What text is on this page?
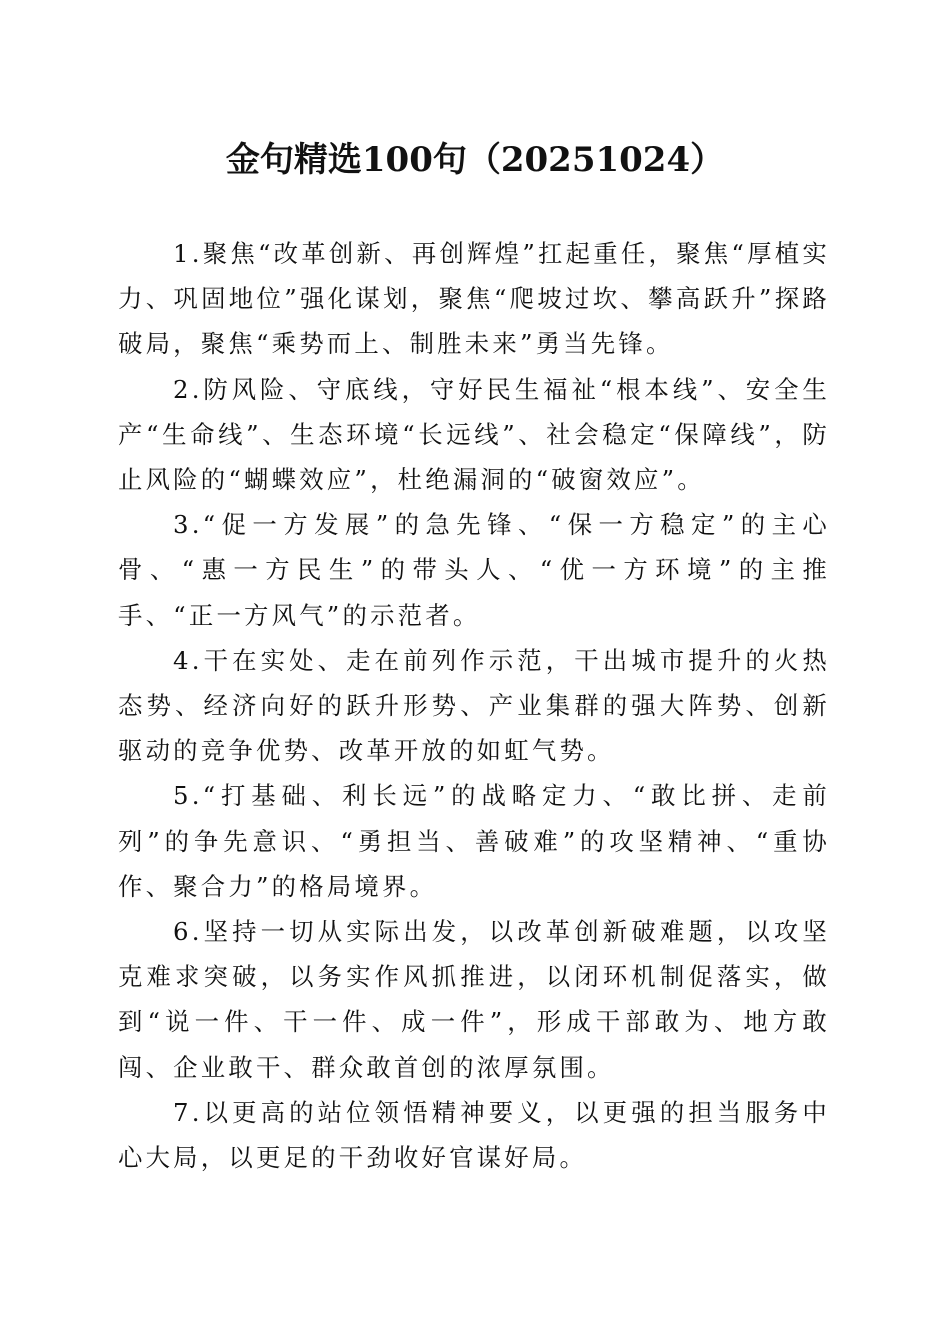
金句精选100句（20251024）

1.聚焦“改革创新、再创辉煌”扛起重任，聚焦“厚植实力、巩固地位”强化谋划，聚焦“爬坡过坎、攀高跃升”探路破局，聚焦“乘势而上、制胜未来”勇当先锋。

2.防风险、守底线，守好民生福祉“根本线”、安全生产“生命线”、生态环境“长远线”、社会稳定“保障线”，防止风险的“蝴蝶效应”，杜绝漏洞的“破窗效应”。

3.“促一方发展”的急先锋、“保一方稳定”的主心骨、“惠一方民生”的带头人、“优一方环境”的主推手、“正一方风气”的示范者。

4.干在实处、走在前列作示范，干出城市提升的火热态势、经济向好的跃升形势、产业集群的强大阵势、创新驱动的竞争优势、改革开放的如虹气势。

5.“打基础、利长远”的战略定力、“敢比拼、走前列”的争先意识、“勇担当、善破难”的攻坚精神、“重协作、聚合力”的格局境界。

6.坚持一切从实际出发，以改革创新破难题，以攻坚克难求突破，以务实作风抓推进，以闭环机制促落实，做到“说一件、干一件、成一件”，形成干部敢为、地方敢闯、企业敢干、群众敢首创的浓厚氛围。

7.以更高的站位领悟精神要义，以更强的担当服务中心大局，以更足的干劲收好官谋好局。
